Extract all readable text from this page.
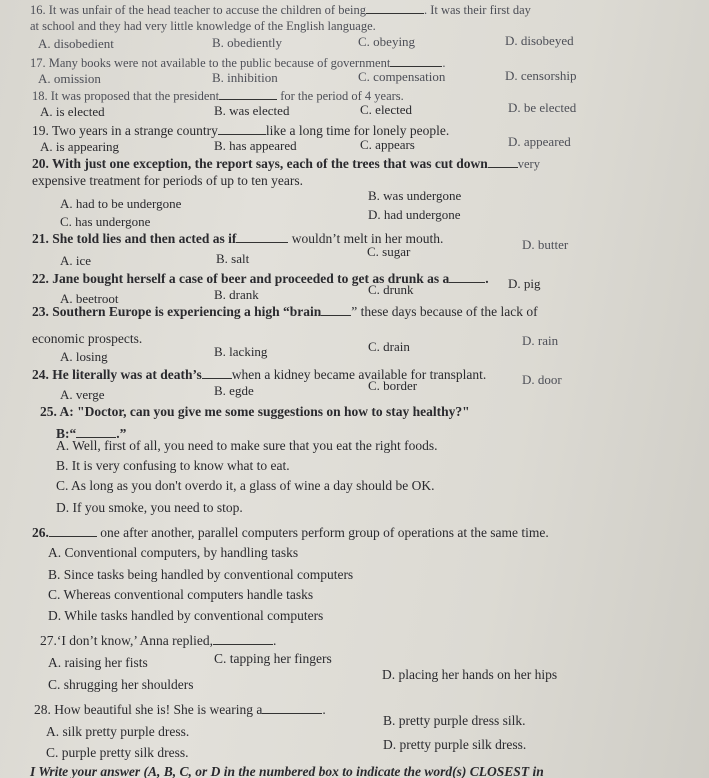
16. It was unfair of the head teacher to accuse the children of being	. It was their first day
at school and they had very little knowledge of the English language.
A. disobedient	B. obediently	C. obeying	D. disobeyed
17. Many books were not available to the public because of government	.
A. omission	B. inhibition	C. compensation	D. censorship
18. It was proposed that the president	for the period of 4 years.
A. is elected	B. was elected	C. elected	D. be elected
19. Two years in a strange country	like a long time for lonely people.
A. is appearing	B. has appeared	C. appears	D. appeared
20. With just one exception, the report says, each of the trees that was cut down very
expensive treatment for periods of up to ten years.
A. had to be undergone
B. was undergone
C. has undergone	D. had undergone
21. She told lies and then acted as if	wouldn’t melt in her mouth.
A. ice	B. salt	C. sugar	D. butter
22. Jane bought herself a case of beer and proceeded to get as drunk as a	.
A. beetroot	B. drank	C. drunk	D. pig
23. Southern Europe is experiencing a high “brain ” these days because of the lack of
economic prospects.
A. losing	B. lacking	C. drain	D. rain
24. He literally was at death’s when a kidney became available for transplant.
A. verge	B. egde	C. border	D. door
25. A: "Doctor, can you give me some suggestions on how to stay healthy?"
B:“	.”
A. Well, first of all, you need to make sure that you eat the right foods.
B. It is very confusing to know what to eat.
C. As long as you don't overdo it, a glass of wine a day should be OK.
D. If you smoke, you need to stop.
26.	one after another, parallel computers perform group of operations at the same time.
A. Conventional computers, by handling tasks
B. Since tasks being handled by conventional computers
C. Whereas conventional computers handle tasks
D. While tasks handled by conventional computers
27.‘I don’t know,’ Anna replied,	.
A. raising her fists	C. tapping her fingers
C. shrugging her shoulders
D. placing her hands on her hips
28. How beautiful she is! She is wearing a	.
A. silk pretty purple dress.
B. pretty purple dress silk.
C. purple pretty silk dress.
D. pretty purple silk dress.
I Write your answer (A, B, C, or D in the numbered box to indicate the word(s) CLOSEST in
